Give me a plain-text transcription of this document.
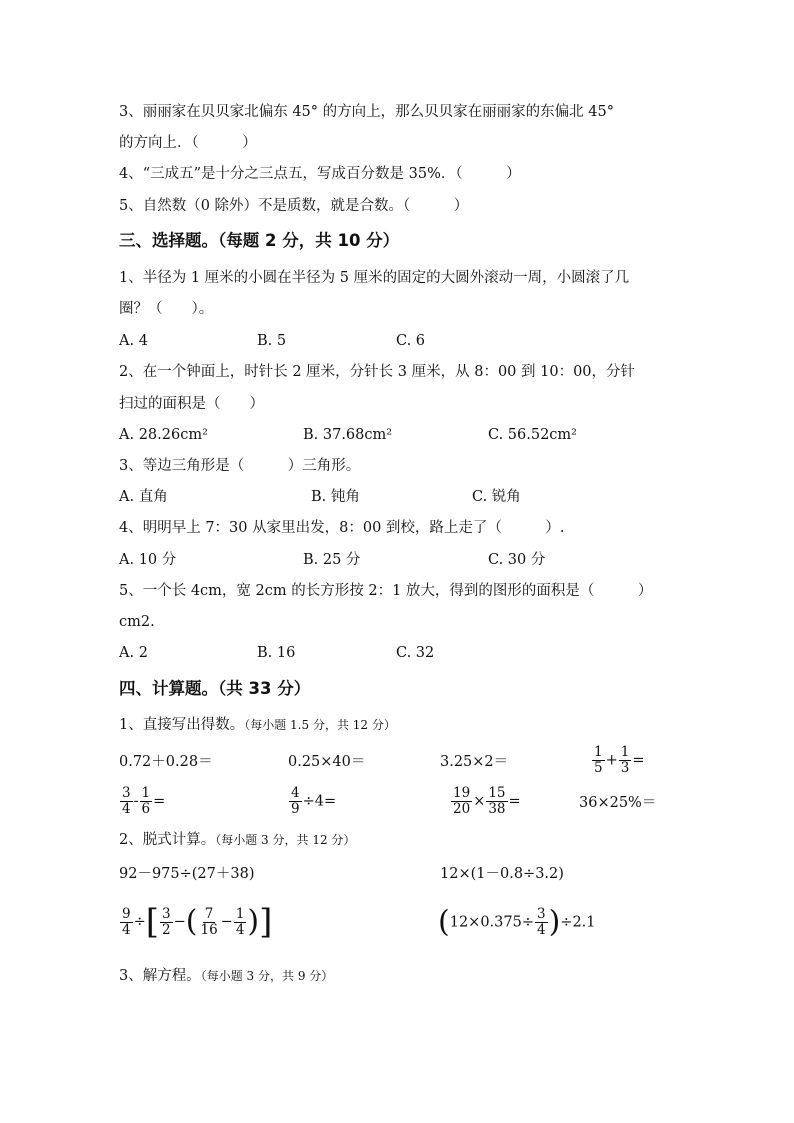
3、丽丽家在贝贝家北偏东 45° 的方向上，那么贝贝家在丽丽家的东偏北 45°
的方向上．（　　　）
4、“三成五”是十分之三点五，写成百分数是 35%．（　　　）
5、自然数（0 除外）不是质数，就是合数。（　　　）
三、选择题。（每题 2 分，共 10 分）
1、半径为 1 厘米的小圆在半径为 5 厘米的固定的大圆外滚动一周，小圆滚了几
圈？（　　）。
A. 4	B. 5	C. 6
2、在一个钟面上，时针长 2 厘米，分针长 3 厘米，从 8：00 到 10：00，分针
扫过的面积是（　　）
A. 28.26cm²	B. 37.68cm²	C. 56.52cm²
3、等边三角形是（　　　）三角形。
A. 直角	B. 钝角	C. 锐角
4、明明早上 7：30 从家里出发，8：00 到校，路上走了（　　　）.
A. 10 分	B. 25 分	C. 30 分
5、一个长 4cm，宽 2cm 的长方形按 2：1 放大，得到的图形的面积是（　　　）
cm2.
A. 2	B. 16	C. 32
四、计算题。（共 33 分）
1、直接写出得数。（每小题 1.5 分，共 12 分）
0.72＋0.28＝	0.25×40＝	3.25×2＝	$\frac{1}{5} + \frac{1}{3}$ =
$\frac{3}{4} - \frac{1}{6}$ =	$\frac{4}{9} \div 4=$	$\frac{19}{20} \times \frac{15}{38}$ =	36×25%＝
2、脱式计算。（每小题 3 分，共 12 分）
92－975÷(27＋38)	12×(1－0.8÷3.2)
$\frac{9}{4}$ ÷[ $\frac{3}{2}$ −( $\frac{7}{16} - \frac{1}{4}$ )]	$(12\times 0.375\div \frac{3}{4} )\div 2.1$
3、解方程。（每小题 3 分，共 9 分）
